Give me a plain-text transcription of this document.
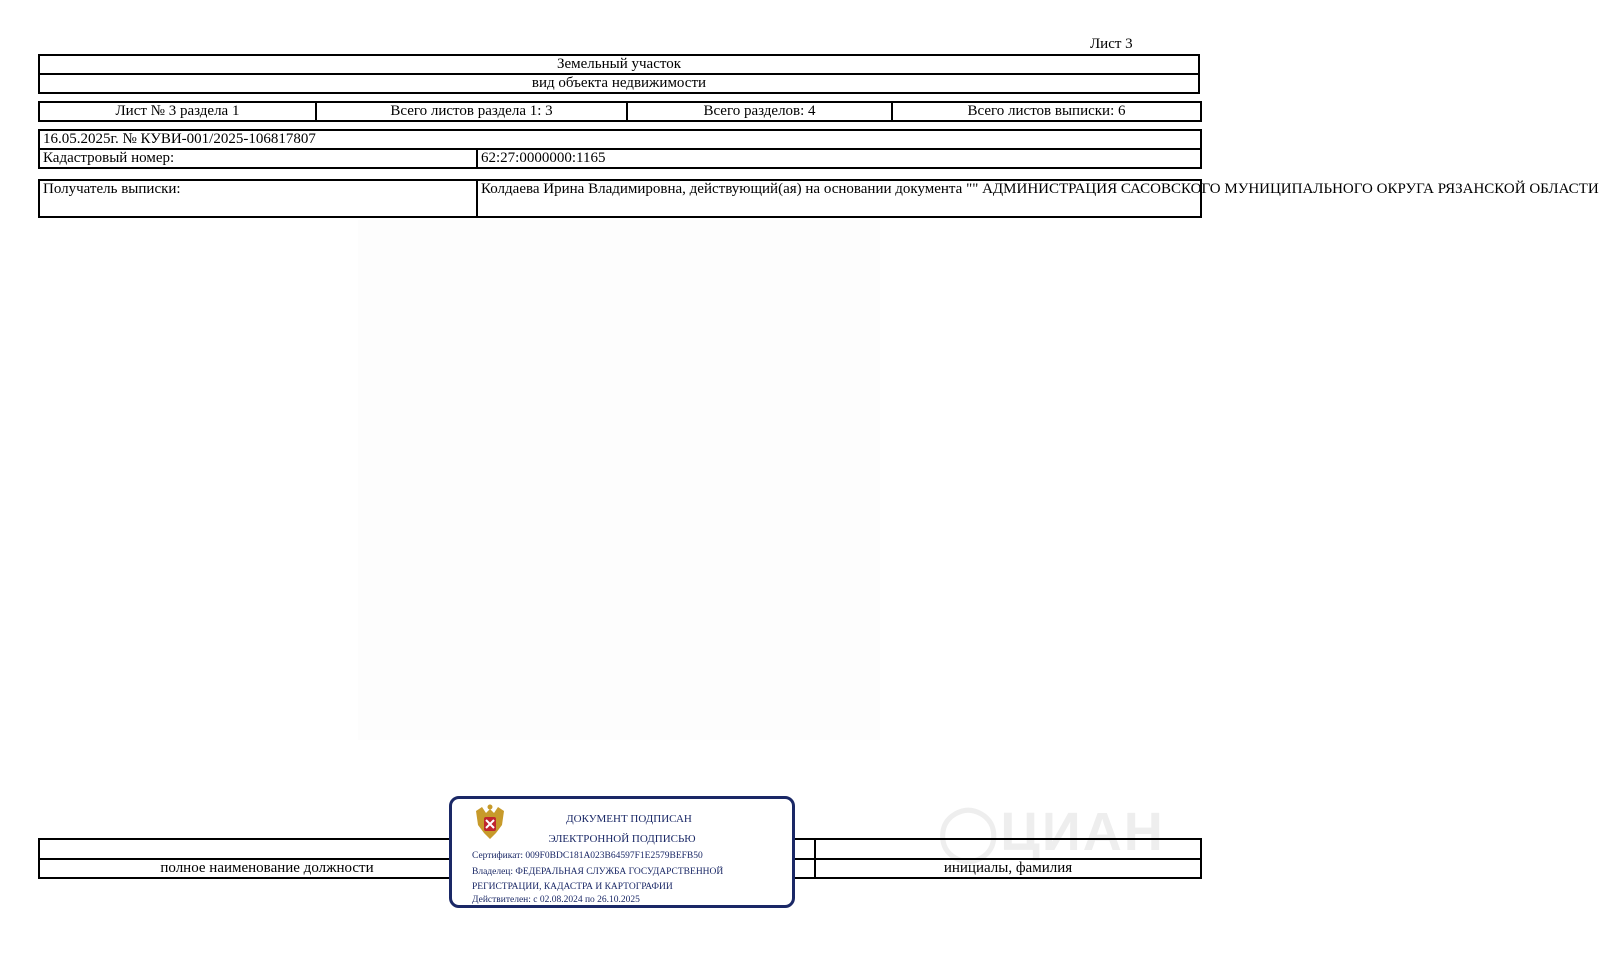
Лист 3
Земельный участок
вид объекта недвижимости
Лист № 3 раздела 1	Всего листов раздела 1: 3	Всего разделов: 4	Всего листов выписки: 6
16.05.2025г. № КУВИ-001/2025-106817807
Кадастровый номер:	62:27:0000000:1165
Получатель выписки:	Колдаева Ирина Владимировна, действующий(ая) на основании документа "" АДМИНИСТРАЦИЯ САСОВСКОГО МУНИЦИПАЛЬНОГО ОКРУГА РЯЗАНСКОЙ ОБЛАСТИ
◯ЦИАН

полное наименование должности		инициалы, фамилия
ДОКУМЕНТ ПОДПИСАН
ЭЛЕКТРОННОЙ ПОДПИСЬЮ
Сертификат: 009F0BDC181A023B64597F1E2579BEFB50
Владелец: ФЕДЕРАЛЬНАЯ СЛУЖБА ГОСУДАРСТВЕННОЙ
РЕГИСТРАЦИИ, КАДАСТРА И КАРТОГРАФИИ
Действителен: с 02.08.2024 по 26.10.2025
